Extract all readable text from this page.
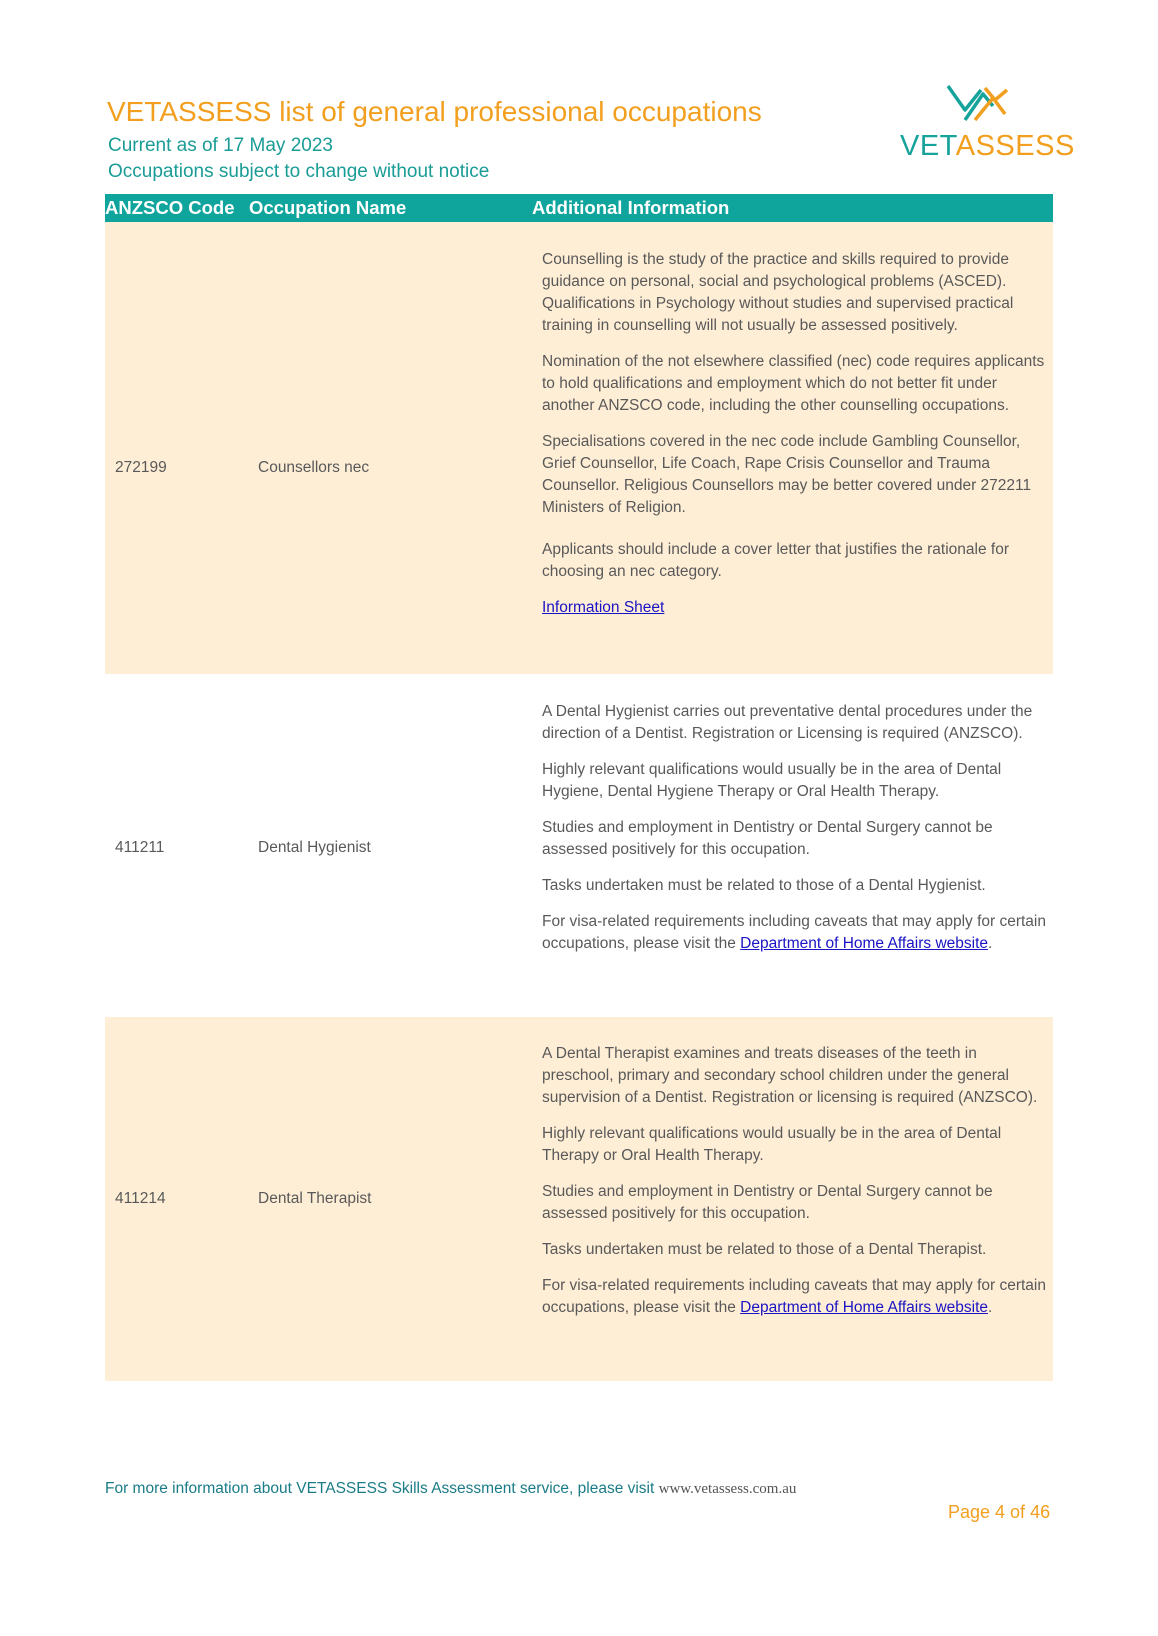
VETASSESS list of general professional occupations
Current as of 17 May 2023
Occupations subject to change without notice
VETASSESS
ANZSCO Code Occupation Name	Additional Information
272199	Counsellors nec

Counselling is the study of the practice and skills required to provide guidance on personal, social and psychological problems (ASCED). Qualifications in Psychology without studies and supervised practical training in counselling will not usually be assessed positively.

Nomination of the not elsewhere classified (nec) code requires applicants to hold qualifications and employment which do not better fit under another ANZSCO code, including the other counselling occupations.

Specialisations covered in the nec code include Gambling Counsellor, Grief Counsellor, Life Coach, Rape Crisis Counsellor and Trauma Counsellor. Religious Counsellors may be better covered under 272211 Ministers of Religion.

Applicants should include a cover letter that justifies the rationale for choosing an nec category.

Information Sheet

411211	Dental Hygienist

A Dental Hygienist carries out preventative dental procedures under the direction of a Dentist. Registration or Licensing is required (ANZSCO).

Highly relevant qualifications would usually be in the area of Dental Hygiene, Dental Hygiene Therapy or Oral Health Therapy.

Studies and employment in Dentistry or Dental Surgery cannot be assessed positively for this occupation.

Tasks undertaken must be related to those of a Dental Hygienist.

For visa-related requirements including caveats that may apply for certain occupations, please visit the Department of Home Affairs website.

411214	Dental Therapist

A Dental Therapist examines and treats diseases of the teeth in preschool, primary and secondary school children under the general supervision of a Dentist. Registration or licensing is required (ANZSCO).

Highly relevant qualifications would usually be in the area of Dental Therapy or Oral Health Therapy.

Studies and employment in Dentistry or Dental Surgery cannot be assessed positively for this occupation.

Tasks undertaken must be related to those of a Dental Therapist.

For visa-related requirements including caveats that may apply for certain occupations, please visit the Department of Home Affairs website.

For more information about VETASSESS Skills Assessment service, please visit www.vetassess.com.au
Page 4 of 46
